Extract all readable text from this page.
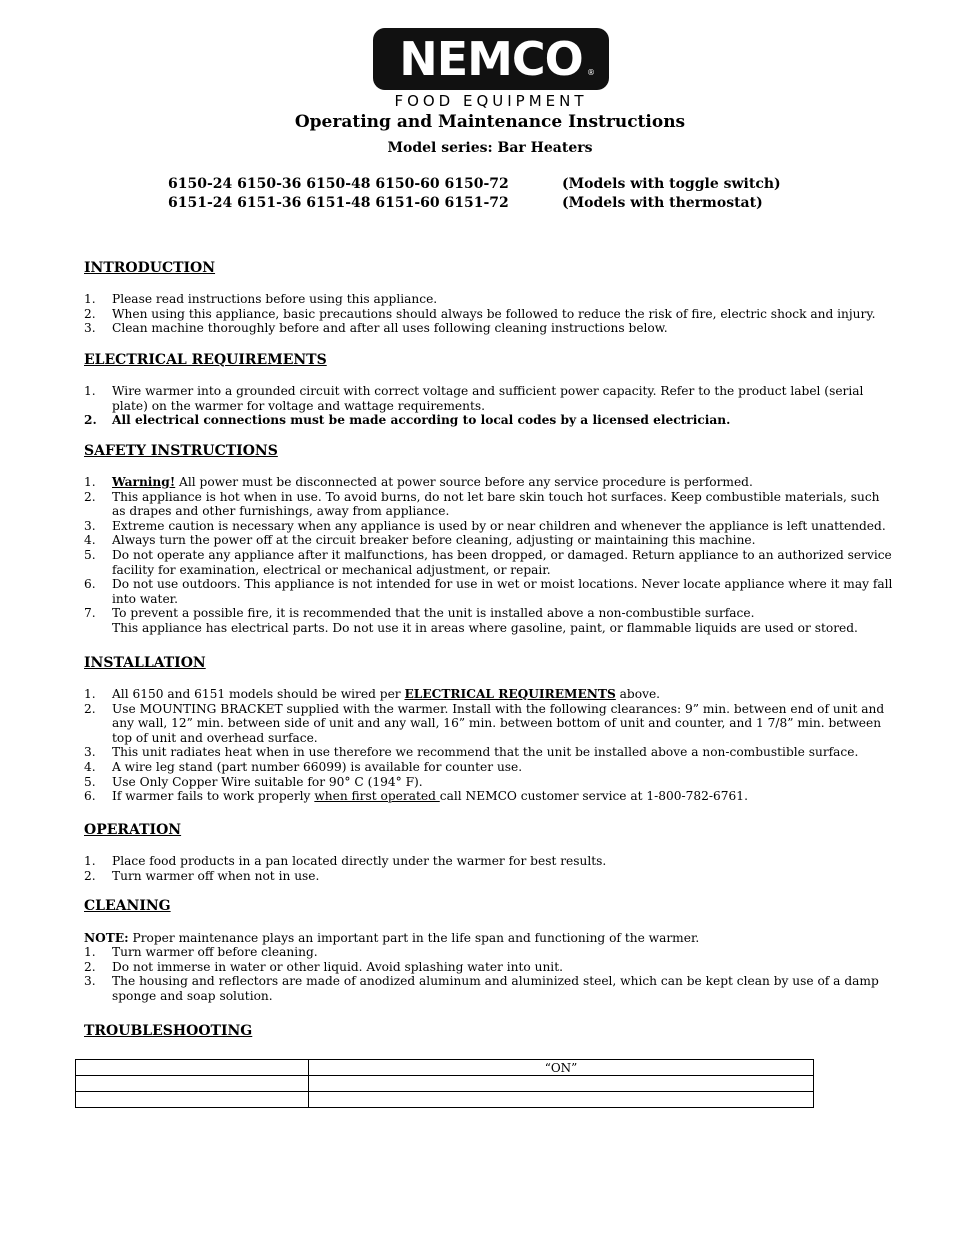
NEMCO ®
FOOD EQUIPMENT
Operating and Maintenance Instructions
Model series: Bar Heaters
6150-24 6150-36 6150-48 6150-60 6150-72	(Models with toggle switch)
6151-24 6151-36 6151-48 6151-60 6151-72	(Models with thermostat)
INTRODUCTION
1. Please read instructions before using this appliance.
2. When using this appliance, basic precautions should always be followed to reduce the risk of fire, electric shock and injury.
3. Clean machine thoroughly before and after all uses following cleaning instructions below.
ELECTRICAL REQUIREMENTS
1. Wire warmer into a grounded circuit with correct voltage and sufficient power capacity. Refer to the product label (serial plate) on the warmer for voltage and wattage requirements.
2. All electrical connections must be made according to local codes by a licensed electrician.
SAFETY INSTRUCTIONS
1. Warning! All power must be disconnected at power source before any service procedure is performed.
2. This appliance is hot when in use. To avoid burns, do not let bare skin touch hot surfaces. Keep combustible materials, such as drapes and other furnishings, away from appliance.
3. Extreme caution is necessary when any appliance is used by or near children and whenever the appliance is left unattended.
4. Always turn the power off at the circuit breaker before cleaning, adjusting or maintaining this machine.
5. Do not operate any appliance after it malfunctions, has been dropped, or damaged. Return appliance to an authorized service facility for examination, electrical or mechanical adjustment, or repair.
6. Do not use outdoors. This appliance is not intended for use in wet or moist locations. Never locate appliance where it may fall into water.
7. To prevent a possible fire, it is recommended that the unit is installed above a non-combustible surface.
This appliance has electrical parts. Do not use it in areas where gasoline, paint, or flammable liquids are used or stored.
INSTALLATION
1. All 6150 and 6151 models should be wired per ELECTRICAL REQUIREMENTS above.
2. Use MOUNTING BRACKET supplied with the warmer. Install with the following clearances: 9” min. between end of unit and any wall, 12” min. between side of unit and any wall, 16” min. between bottom of unit and counter, and 1 7/8” min. between top of unit and overhead surface.
3. This unit radiates heat when in use therefore we recommend that the unit be installed above a non-combustible surface.
4. A wire leg stand (part number 66099) is available for counter use.
5. Use Only Copper Wire suitable for 90° C (194° F).
6. If warmer fails to work properly when first operated call NEMCO customer service at 1-800-782-6761.
OPERATION
1. Place food products in a pan located directly under the warmer for best results.
2. Turn warmer off when not in use.
CLEANING
NOTE: Proper maintenance plays an important part in the life span and functioning of the warmer.
1. Turn warmer off before cleaning.
2. Do not immerse in water or other liquid. Avoid splashing water into unit.
3. The housing and reflectors are made of anodized aluminum and aluminized steel, which can be kept clean by use of a damp sponge and soap solution.
TROUBLESHOOTING
	“ON”
